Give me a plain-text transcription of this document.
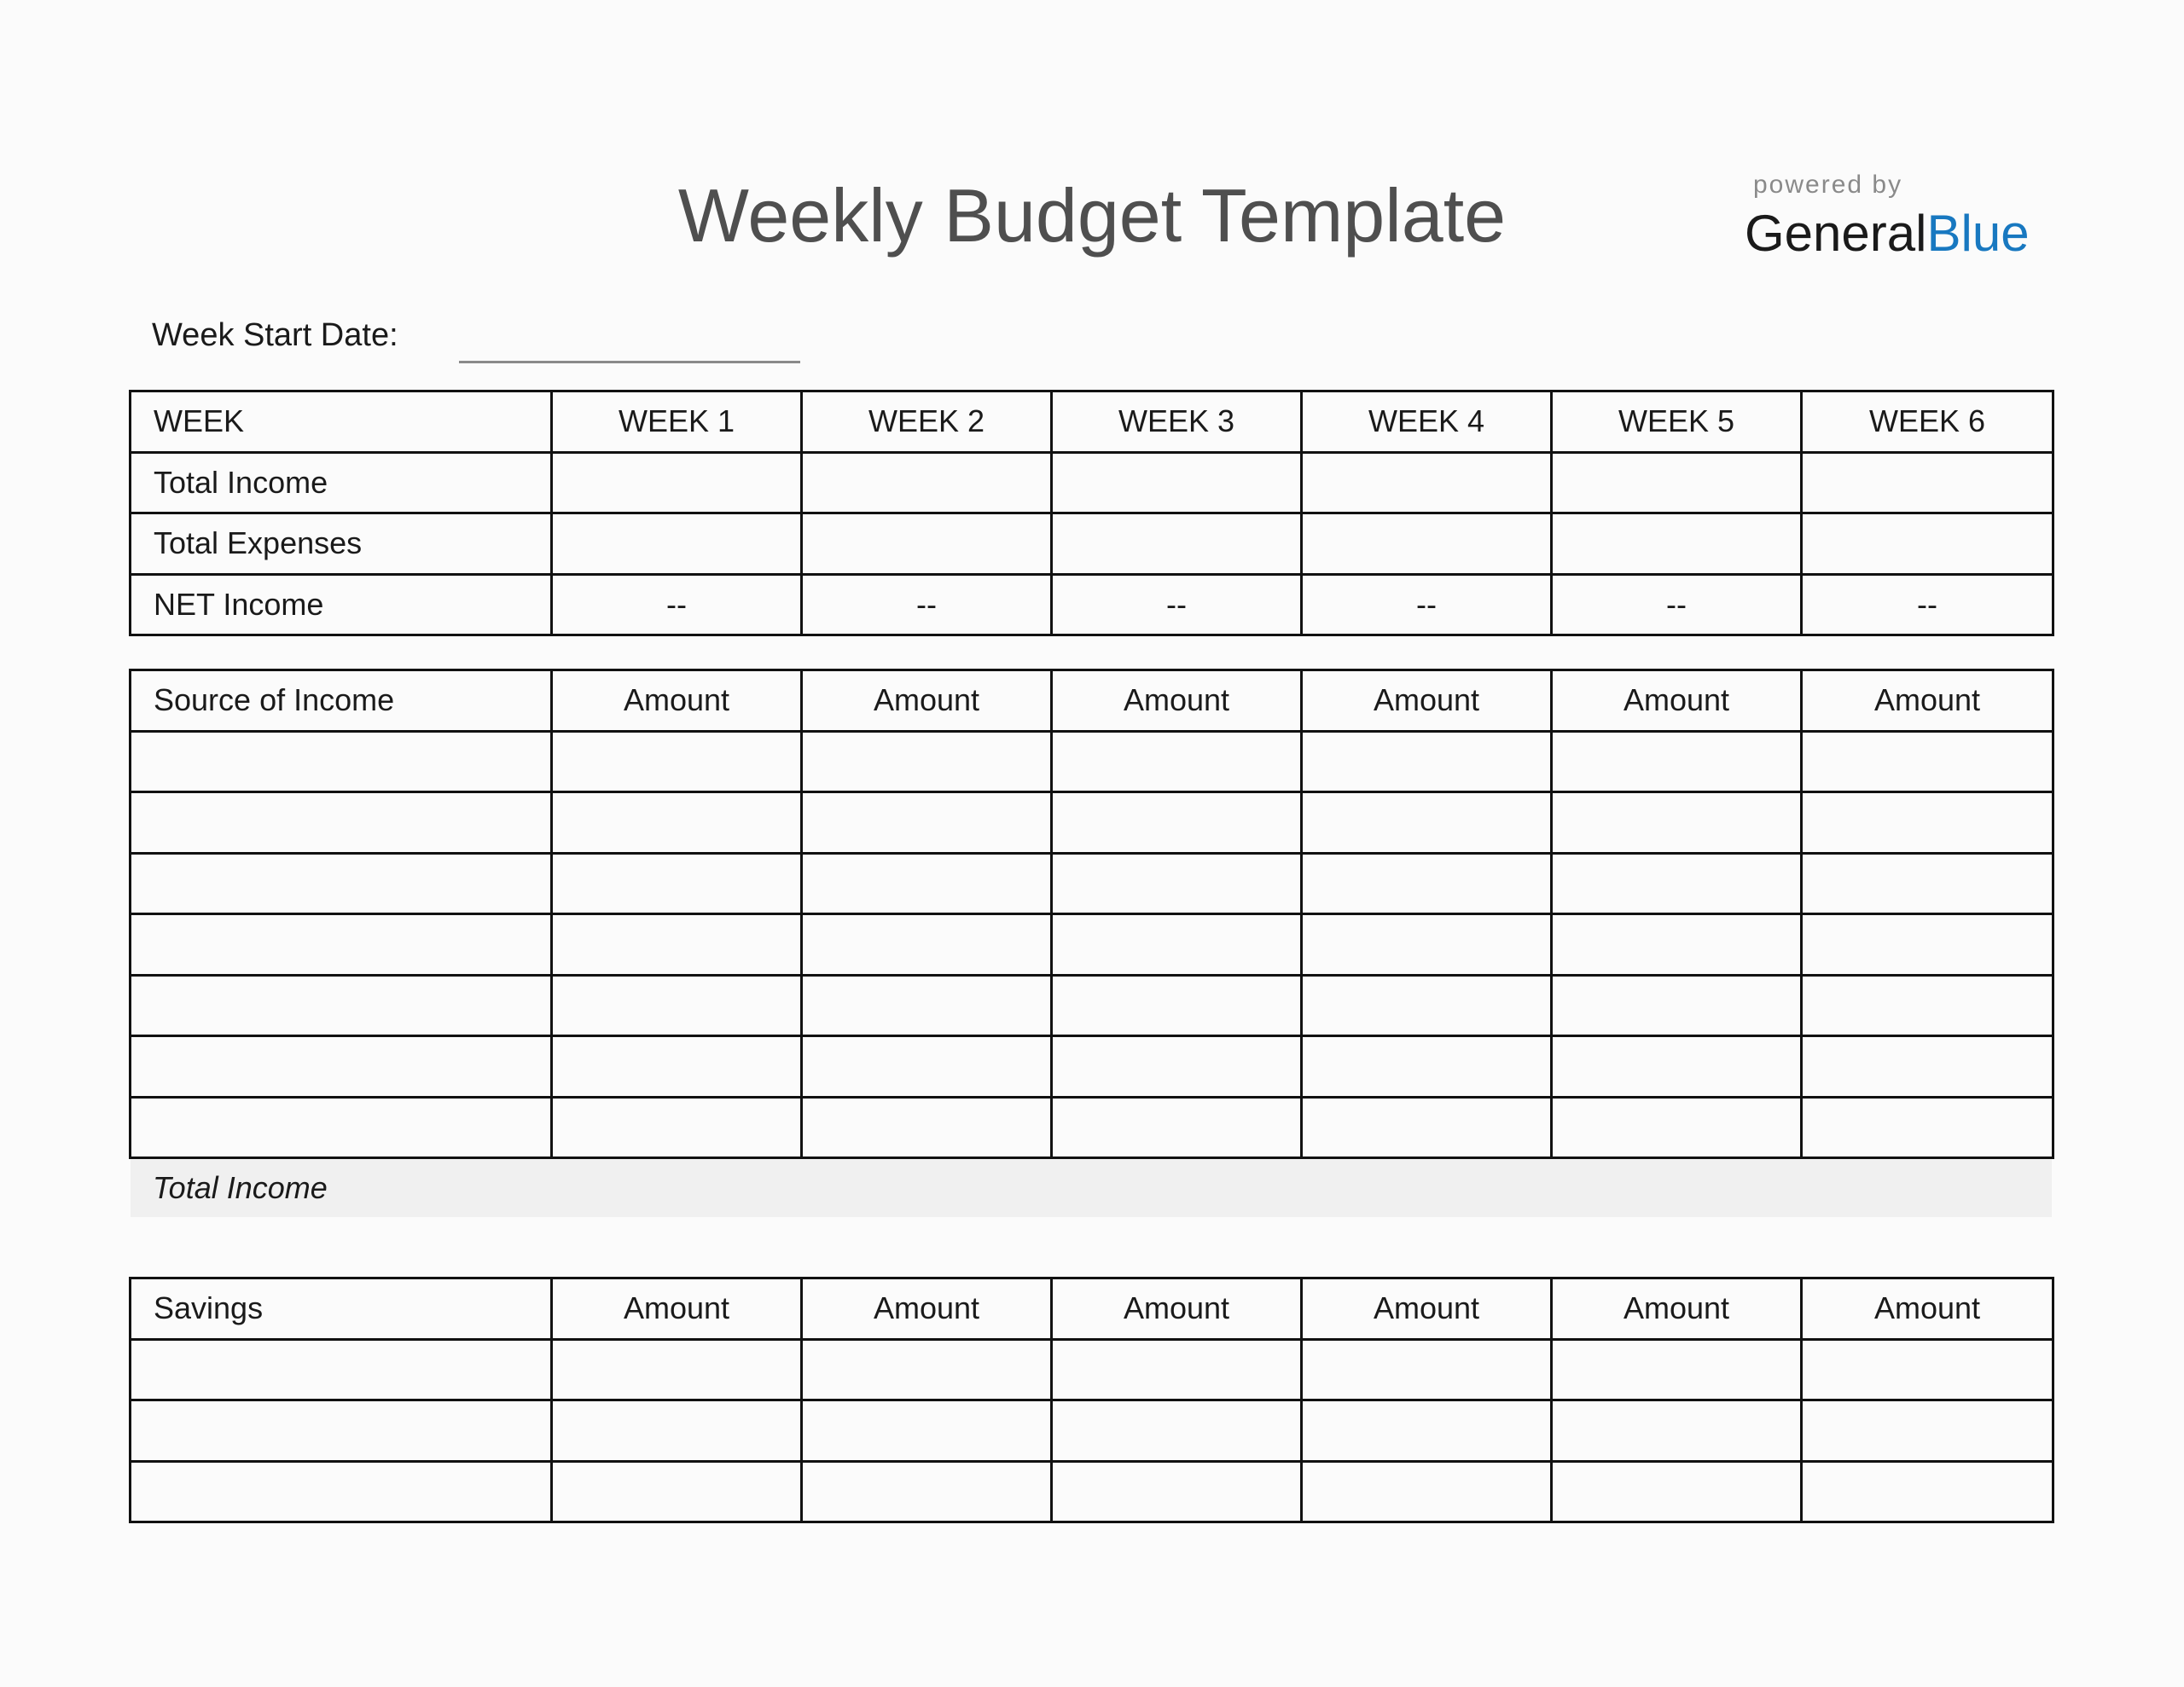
Weekly Budget Template	powered by
GeneralBlue
Week Start Date:
WEEK	WEEK 1	WEEK 2	WEEK 3	WEEK 4	WEEK 5	WEEK 6
Total Income						
Total Expenses						
NET Income	--	--	--	--	--	--
Source of Income	Amount	Amount	Amount	Amount	Amount	Amount

Total Income
Savings	Amount	Amount	Amount	Amount	Amount	Amount
